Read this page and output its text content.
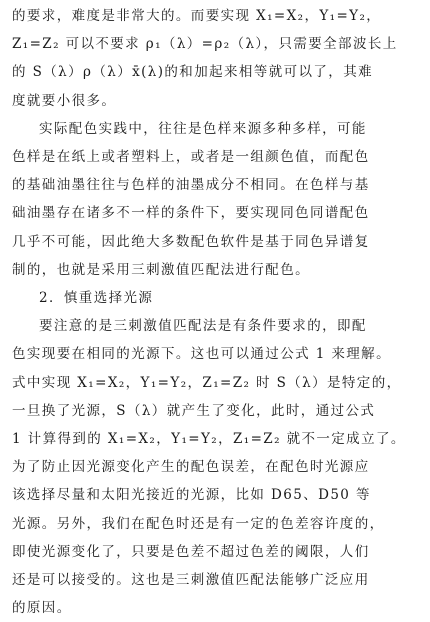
的要求，难度是非常大的。而要实现 X₁=X₂，Y₁=Y₂，
Z₁=Z₂ 可以不要求 ρ₁（λ）=ρ₂（λ），只需要全部波长上
的 S（λ）ρ（λ）x̄(λ)的和加起来相等就可以了，其难
度就要小很多。
实际配色实践中，往往是色样来源多种多样，可能
色样是在纸上或者塑料上，或者是一组颜色值，而配色
的基础油墨往往与色样的油墨成分不相同。在色样与基
础油墨存在诸多不一样的条件下，要实现同色同谱配色
几乎不可能，因此绝大多数配色软件是基于同色异谱复
制的，也就是采用三刺激值匹配法进行配色。
2．慎重选择光源
要注意的是三刺激值匹配法是有条件要求的，即配
色实现要在相同的光源下。这也可以通过公式 1 来理解。
式中实现 X₁=X₂，Y₁=Y₂，Z₁=Z₂ 时 S（λ）是特定的，
一旦换了光源，S（λ）就产生了变化，此时，通过公式
1 计算得到的 X₁=X₂，Y₁=Y₂，Z₁=Z₂ 就不一定成立了。
为了防止因光源变化产生的配色误差，在配色时光源应
该选择尽量和太阳光接近的光源，比如 D65、D50 等
光源。另外，我们在配色时还是有一定的色差容许度的，
即使光源变化了，只要是色差不超过色差的阈限，人们
还是可以接受的。这也是三刺激值匹配法能够广泛应用
的原因。
